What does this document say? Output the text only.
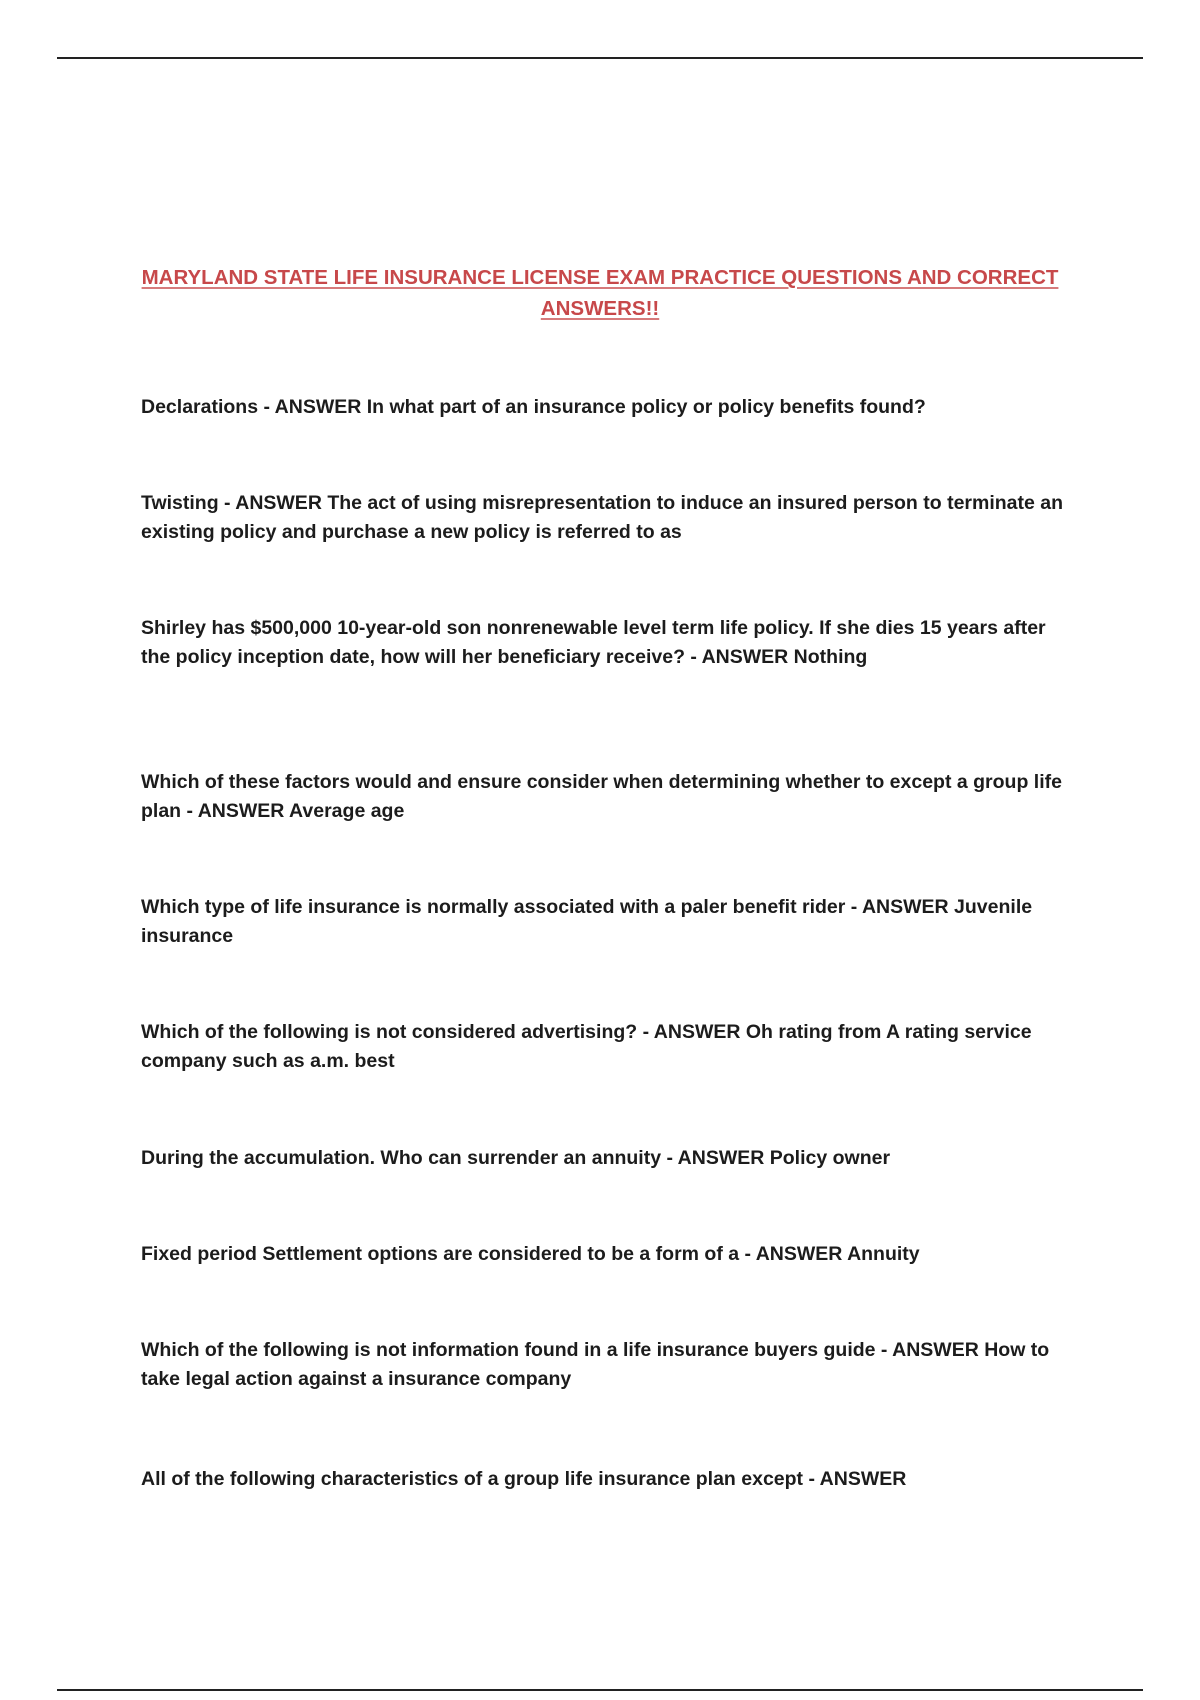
MARYLAND STATE LIFE INSURANCE LICENSE EXAM PRACTICE QUESTIONS AND CORRECT ANSWERS!!

Declarations - ANSWER In what part of an insurance policy or policy benefits found?

Twisting - ANSWER The act of using misrepresentation to induce an insured person to terminate an existing policy and purchase a new policy is referred to as

Shirley has $500,000 10-year-old son nonrenewable level term life policy. If she dies 15 years after the policy inception date, how will her beneficiary receive? - ANSWER Nothing

Which of these factors would and ensure consider when determining whether to except a group life plan - ANSWER Average age

Which type of life insurance is normally associated with a paler benefit rider - ANSWER Juvenile insurance

Which of the following is not considered advertising? - ANSWER Oh rating from A rating service company such as a.m. best

During the accumulation. Who can surrender an annuity - ANSWER Policy owner

Fixed period Settlement options are considered to be a form of a - ANSWER Annuity

Which of the following is not information found in a life insurance buyers guide - ANSWER How to take legal action against a insurance company

All of the following characteristics of a group life insurance plan except - ANSWER
